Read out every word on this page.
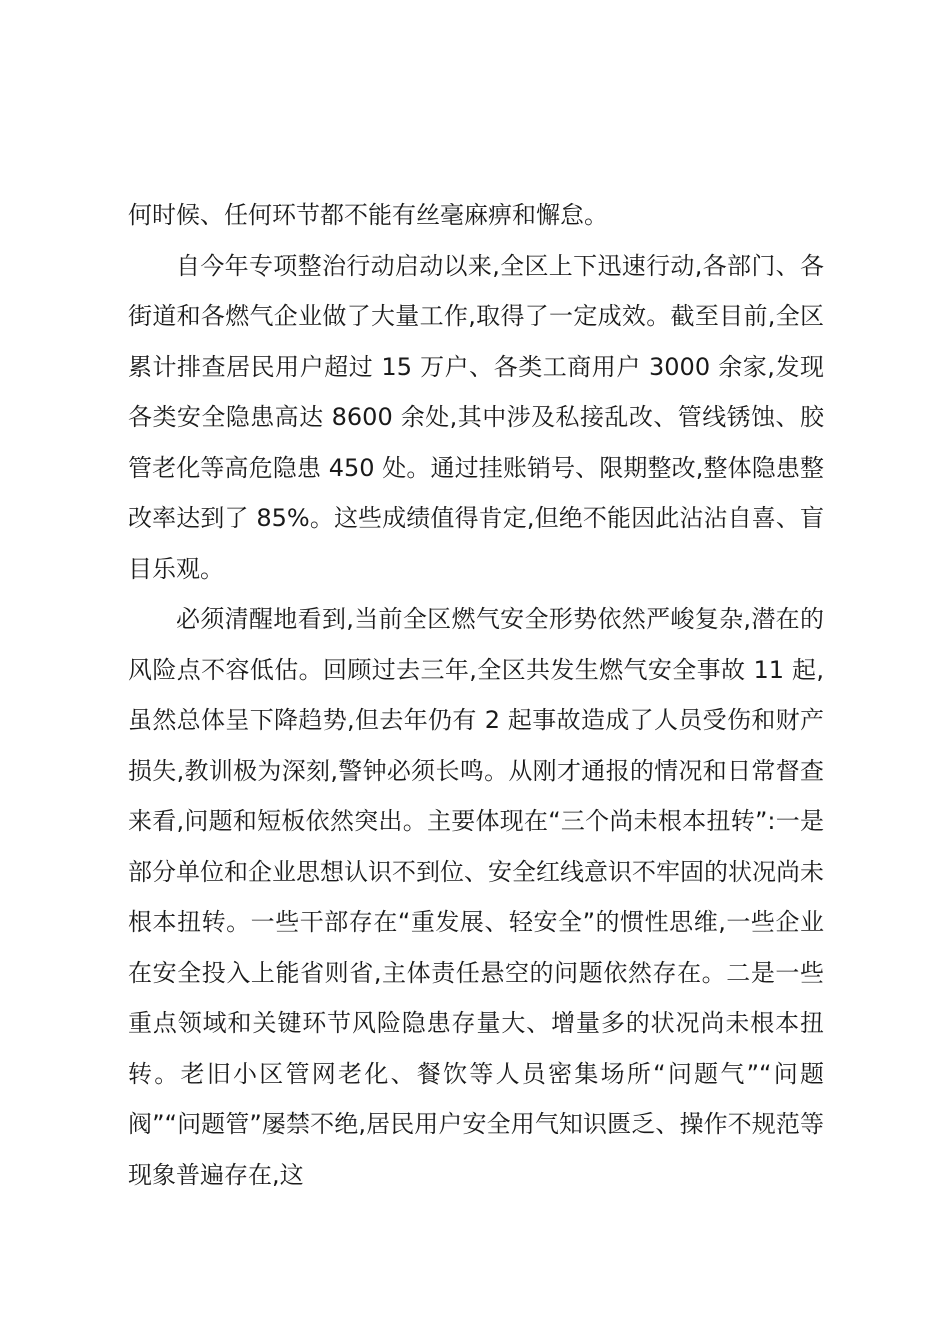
何时候、任何环节都不能有丝毫麻痹和懈怠。

自今年专项整治行动启动以来,全区上下迅速行动,各部门、各街道和各燃气企业做了大量工作,取得了一定成效。截至目前,全区累计排查居民用户超过 15 万户、各类工商用户 3000 余家,发现各类安全隐患高达 8600 余处,其中涉及私接乱改、管线锈蚀、胶管老化等高危隐患 450 处。通过挂账销号、限期整改,整体隐患整改率达到了 85%。这些成绩值得肯定,但绝不能因此沾沾自喜、盲目乐观。

必须清醒地看到,当前全区燃气安全形势依然严峻复杂,潜在的风险点不容低估。回顾过去三年,全区共发生燃气安全事故 11 起,虽然总体呈下降趋势,但去年仍有 2 起事故造成了人员受伤和财产损失,教训极为深刻,警钟必须长鸣。从刚才通报的情况和日常督查来看,问题和短板依然突出。主要体现在“三个尚未根本扭转”:一是部分单位和企业思想认识不到位、安全红线意识不牢固的状况尚未根本扭转。一些干部存在“重发展、轻安全”的惯性思维,一些企业在安全投入上能省则省,主体责任悬空的问题依然存在。二是一些重点领域和关键环节风险隐患存量大、增量多的状况尚未根本扭转。老旧小区管网老化、餐饮等人员密集场所“问题气”“问题阀”“问题管”屡禁不绝,居民用户安全用气知识匮乏、操作不规范等现象普遍存在,这
